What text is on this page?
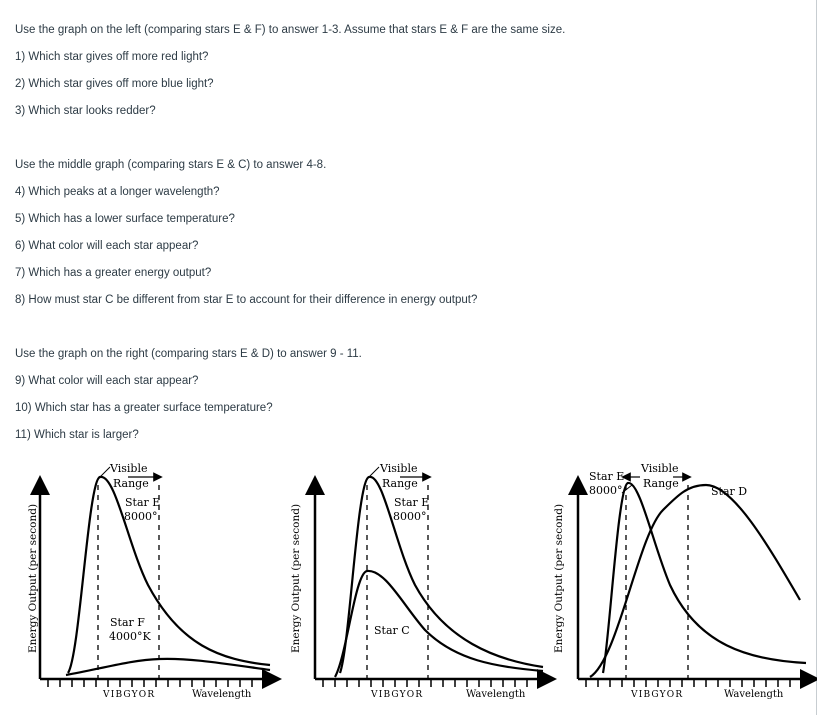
Use the graph on the left (comparing stars E & F) to answer 1-3. Assume that stars E & F are the same size.
1) Which star gives off more red light?
2) Which star gives off more blue light?
3) Which star looks redder?
Use the middle graph (comparing stars E & C) to answer 4-8.
4) Which peaks at a longer wavelength?
5) Which has a lower surface temperature?
6) What color will each star appear?
7) Which has a greater energy output?
8) How must star C be different from star E to account for their difference in energy output?
Use the graph on the right (comparing stars E & D) to answer 9 - 11.
9) What color will each star appear?
10) Which star has a greater surface temperature?
11) Which star is larger?
Energy Output (per second)
Visible
Range
Star E
8000°
Star F
4000°K
VIBGYOR	Wavelength
Energy Output (per second)
Visible
Range
Star E
8000°
Star C
VIBGYOR	Wavelength
Energy Output (per second)
Visible
Range
Star E
8000°	Star D
VIBGYOR	Wavelength
